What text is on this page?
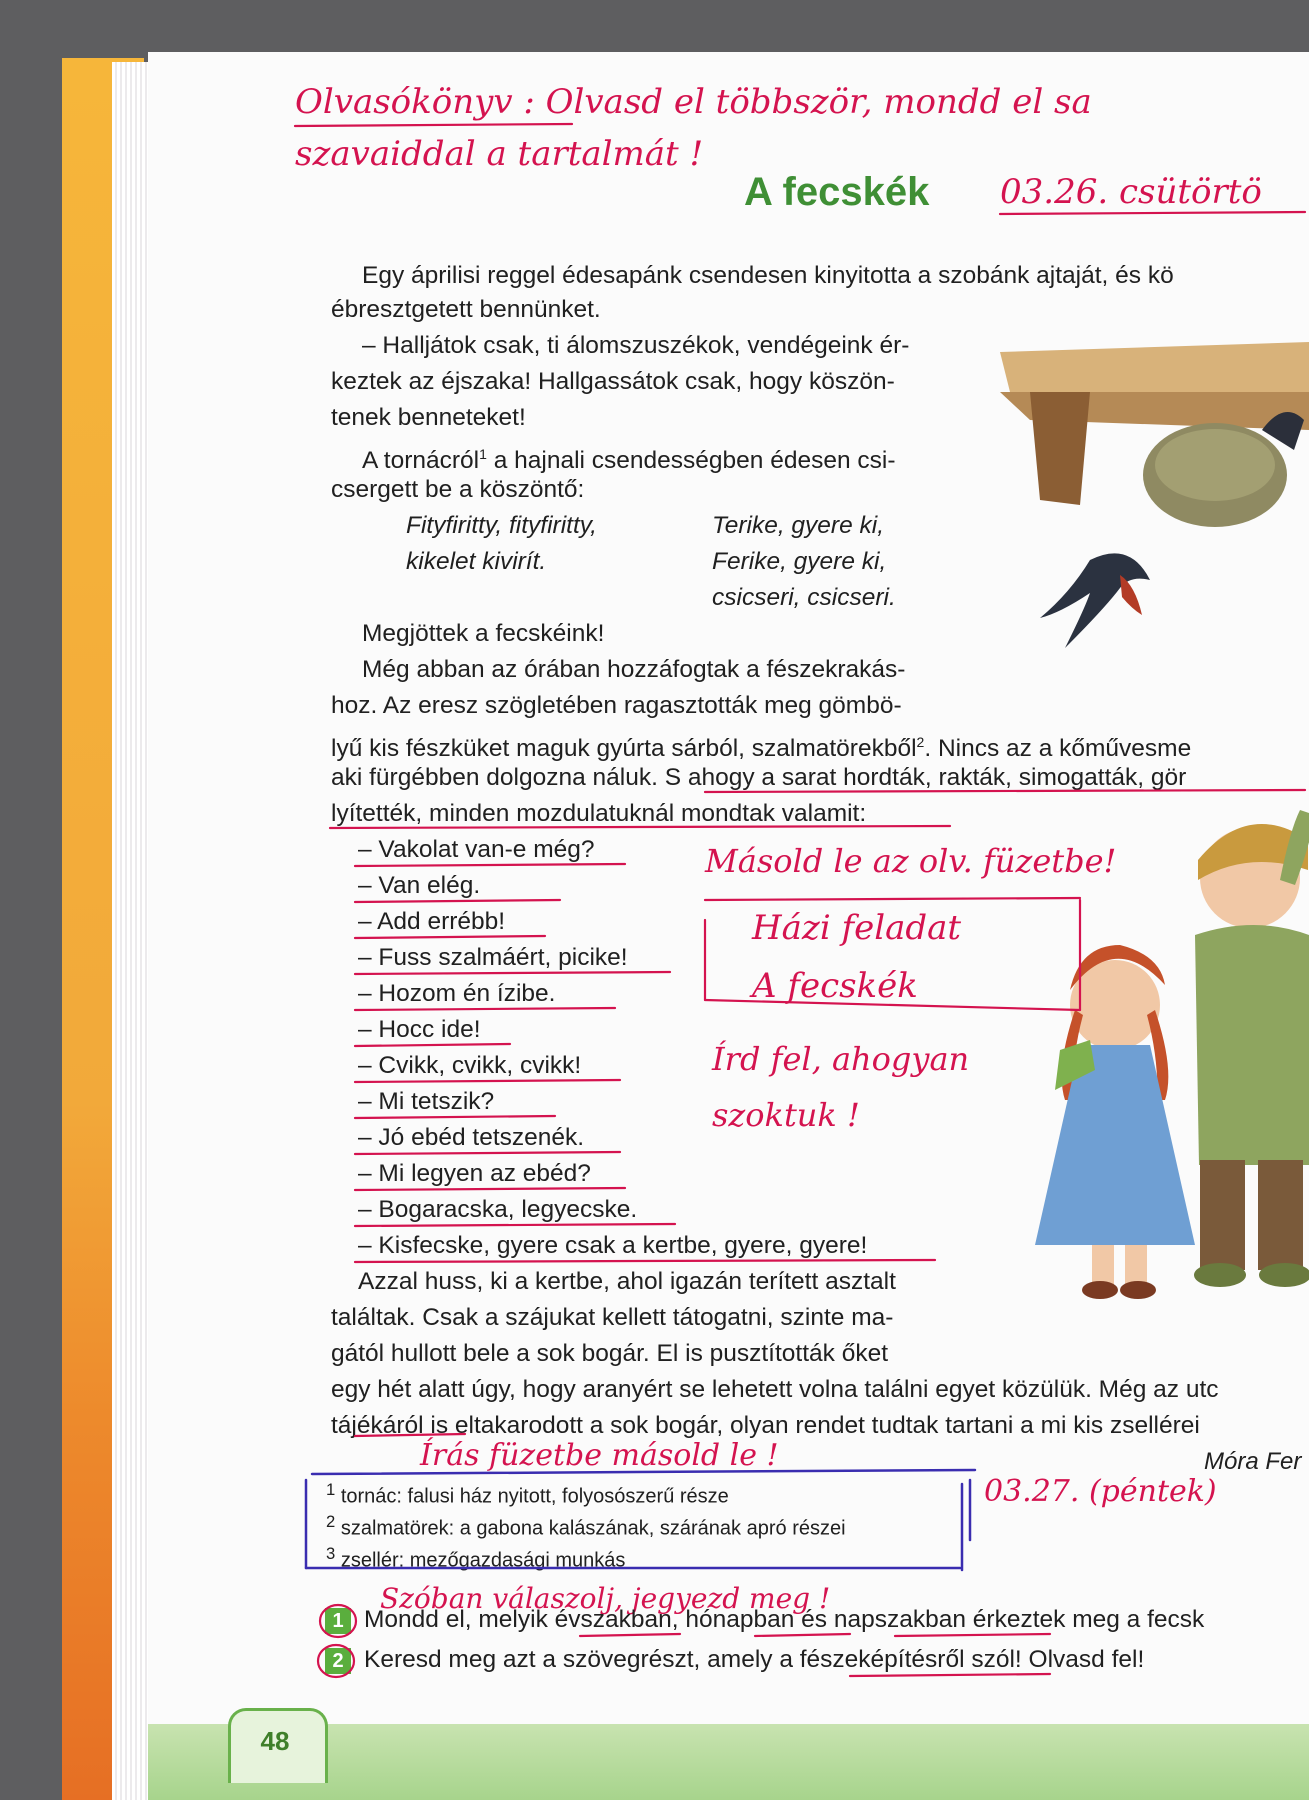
48
Olvasókönyv : Olvasd el többször, mondd el sa
szavaiddal a tartalmát !
A fecskék 03.26. csütörtö
Egy áprilisi reggel édesapánk csendesen kinyitotta a szobánk ajtaját, és kö
ébresztgetett bennünket.
– Halljátok csak, ti álomszuszékok, vendégeink ér-
keztek az éjszaka! Hallgassátok csak, hogy köszön-
tenek benneteket!
A tornácról$^1$ a hajnali csendességben édesen csi-
csergett be a köszöntő:
Fityfiritty, fityfiritty,
kikelet kivirít.
Terike, gyere ki,
Ferike, gyere ki,
csicseri, csicseri.
Megjöttek a fecskéink!
Még abban az órában hozzáfogtak a fészekrakás-
hoz. Az eresz szögletében ragasztották meg gömbö-
lyű kis fészküket maguk gyúrta sárból, szalmatörekből$^2$. Nincs az a kőművesme
aki fürgébben dolgozna náluk. S ahogy a sarat hordták, rakták, simogatták, gör
lyítették, minden mozdulatuknál mondtak valamit:
– Vakolat van-e még?
– Van elég.
– Add errébb!
– Fuss szalmáért, picike!
– Hozom én ízibe.
– Hocc ide!
– Cvikk, cvikk, cvikk!
– Mi tetszik?
– Jó ebéd tetszenék.
– Mi legyen az ebéd?
– Bogaracska, legyecske.
– Kisfecske, gyere csak a kertbe, gyere, gyere!
Azzal huss, ki a kertbe, ahol igazán terített asztalt
találtak. Csak a szájukat kellett tátogatni, szinte ma-
gától hullott bele a sok bogár. El is pusztították őket
egy hét alatt úgy, hogy aranyért se lehetett volna találni egyet közülük. Még az utc
tájékáról is eltakarodott a sok bogár, olyan rendet tudtak tartani a mi kis zsellérei
Móra Fer
Másold le az olv. füzetbe!
Házi feladat
A fecskék
Írd fel, ahogyan
szoktuk !
Írás füzetbe másold le !
$^1$ tornác: falusi ház nyitott, folyosószerű része
$^2$ szalmatörek: a gabona kalászának, szárának apró részei
$^3$ zsellér: mezőgazdasági munkás
03.27. (péntek)
Szóban válaszolj, jegyezd meg !
1 Mondd el, melyik évszakban, hónapban és napszakban érkeztek meg a fecsk
2 Keresd meg azt a szövegrészt, amely a fészeképítésről szól! Olvasd fel!
